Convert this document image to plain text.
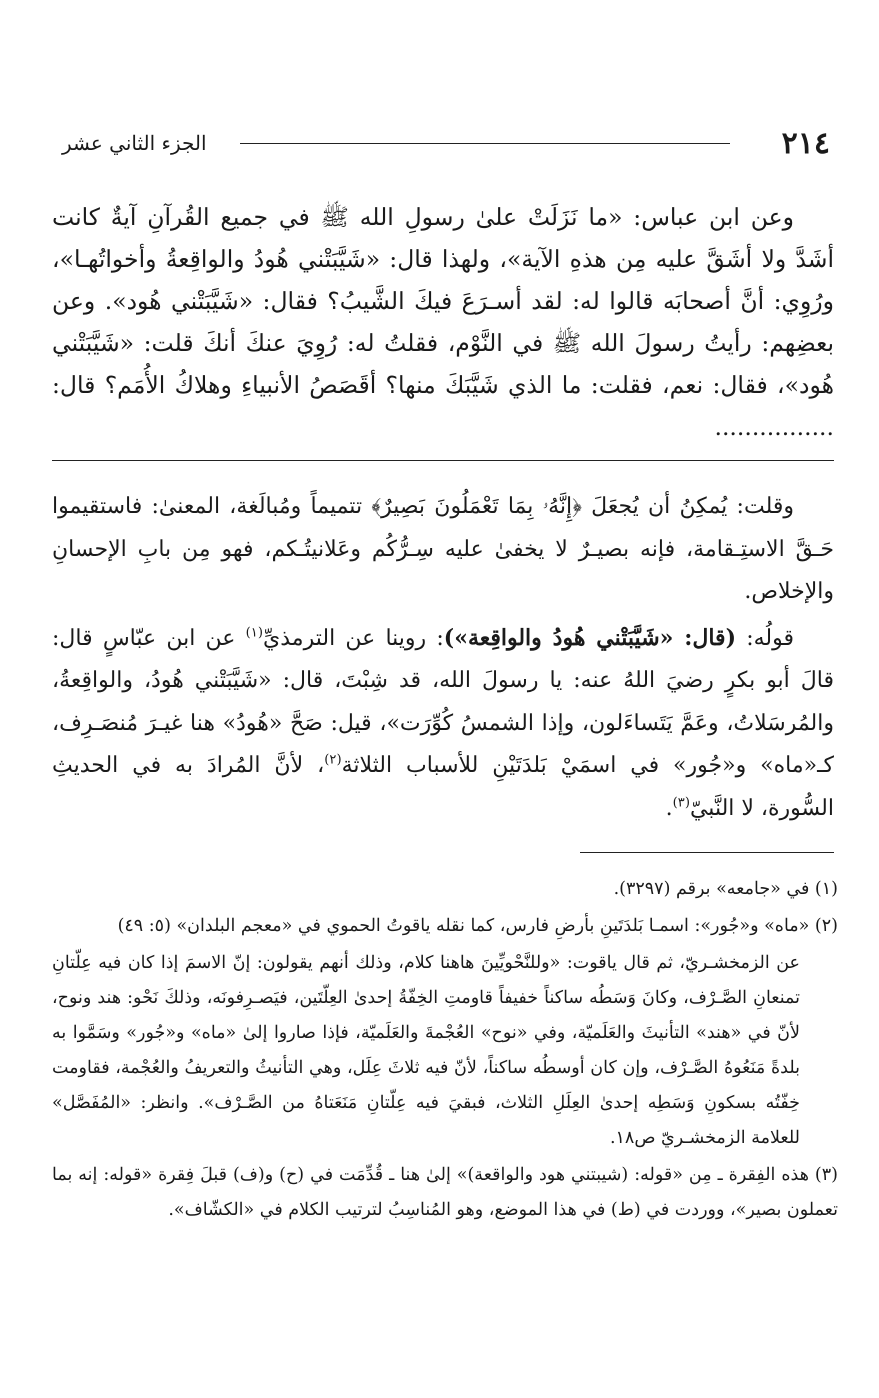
٢١٤
الجزء الثاني عشر

وعن ابن عباس: «ما نَزَلَتْ علىٰ رسولِ الله ﷺ في جميع القُرآنِ آيةٌ كانت أشَدَّ ولا أشَقَّ عليه مِن هذهِ الآية»، ولهذا قال: «شَيَّبَتْني هُودُ والواقِعةُ وأخواتُهـا»، ورُوِي: أنَّ أصحابَه قالوا له: لقد أسـرَعَ فيكَ الشَّيبُ؟ فقال: «شَيَّبَتْني هُود». وعن بعضِهم: رأيتُ رسولَ الله ﷺ في النَّوْم، فقلتُ له: رُوِيَ عنكَ أنكَ قلت: «شَيَّبَتْني هُود»، فقال: نعم، فقلت: ما الذي شَيَّبَكَ منها؟ أقَصَصُ الأنبياءِ وهلاكُ الأُمَم؟ قال: ................

وقلت: يُمكِنُ أن يُجعَلَ ﴿إِنَّهُۥ بِمَا تَعْمَلُونَ بَصِيرٌ﴾ تتميماً ومُبالَغة، المعنىٰ: فاستقيموا حَـقَّ الاستِـقامة، فإنه بصيـرٌ لا يخفىٰ عليه سِـرُّكُم وعَلانيتُـكم، فهو مِن بابِ الإحسانِ والإخلاص.

قولُه: (قال: «شَيَّبَتْني هُودُ والواقِعة»): روينا عن الترمذيِّ$^{(١)}$ عن ابن عبّاسٍ قال: قالَ أبو بكرٍ رضيَ اللهُ عنه: يا رسولَ الله، قد شِبْتَ، قال: «شَيَّبَتْني هُودُ، والواقِعةُ، والمُرسَلاتُ، وعَمَّ يَتَساءَلون، وإذا الشمسُ كُوِّرَت»، قيل: صَحَّ «هُودُ» هنا غيـرَ مُنصَـرِف، كـ«ماه» و«جُور» في اسمَيْ بَلدَتَيْنِ للأسباب الثلاثة$^{(٢)}$، لأنَّ المُرادَ به في الحديثِ السُّورة، لا النَّبيّ$^{(٣)}$.

(١) في «جامعه» برقم (٣٢٩٧).

(٢) «ماه» و«جُور»: اسمـا بَلدَتَينِ بأرضِ فارس، كما نقله ياقوتُ الحموي في «معجم البلدان» (٥: ٤٩)

عن الزمخشـريّ، ثم قال ياقوت: «وللنَّحْويِّينَ هاهنا كلام، وذلك أنهم يقولون: إنّ الاسمَ إذا كان فيه عِلّتانِ تمنعانِ الصَّـرْف، وكانَ وَسَطُه ساكناً خفيفاً قاومتِ الخِفّةُ إحدىٰ العِلّتَين، فيَصـرِفونَه، وذلكَ نَحْو: هند ونوح، لأنّ في «هند» التأنيثَ والعَلَميّة، وفي «نوح» العُجْمةَ والعَلَميّة، فإذا صاروا إلىٰ «ماه» و«جُور» وسَمَّوا به بلدةً مَنَعُوهُ الصَّـرْف، وإن كان أوسطُه ساكناً، لأنّ فيه ثلاثَ عِلَل، وهي التأنيثُ والتعريفُ والعُجْمة، فقاومت خِفّتُه بسكونِ وَسَطِه إحدىٰ العِلَلِ الثلاث، فبقيَ فيه عِلّتانِ مَنَعَتاهُ من الصَّـرْف». وانظر: «المُفَصَّل» للعلامة الزمخشـريّ ص١٨.

(٣) هذه الفِقرة ـ مِن «قوله: (شيبتني هود والواقعة)» إلىٰ هنا ـ قُدِّمَت في (ح) و(ف) قبلَ فِقرة «قوله: إنه بما تعملون بصير»، ووردت في (ط) في هذا الموضع، وهو المُناسِبُ لترتيب الكلام في «الكشّاف».
